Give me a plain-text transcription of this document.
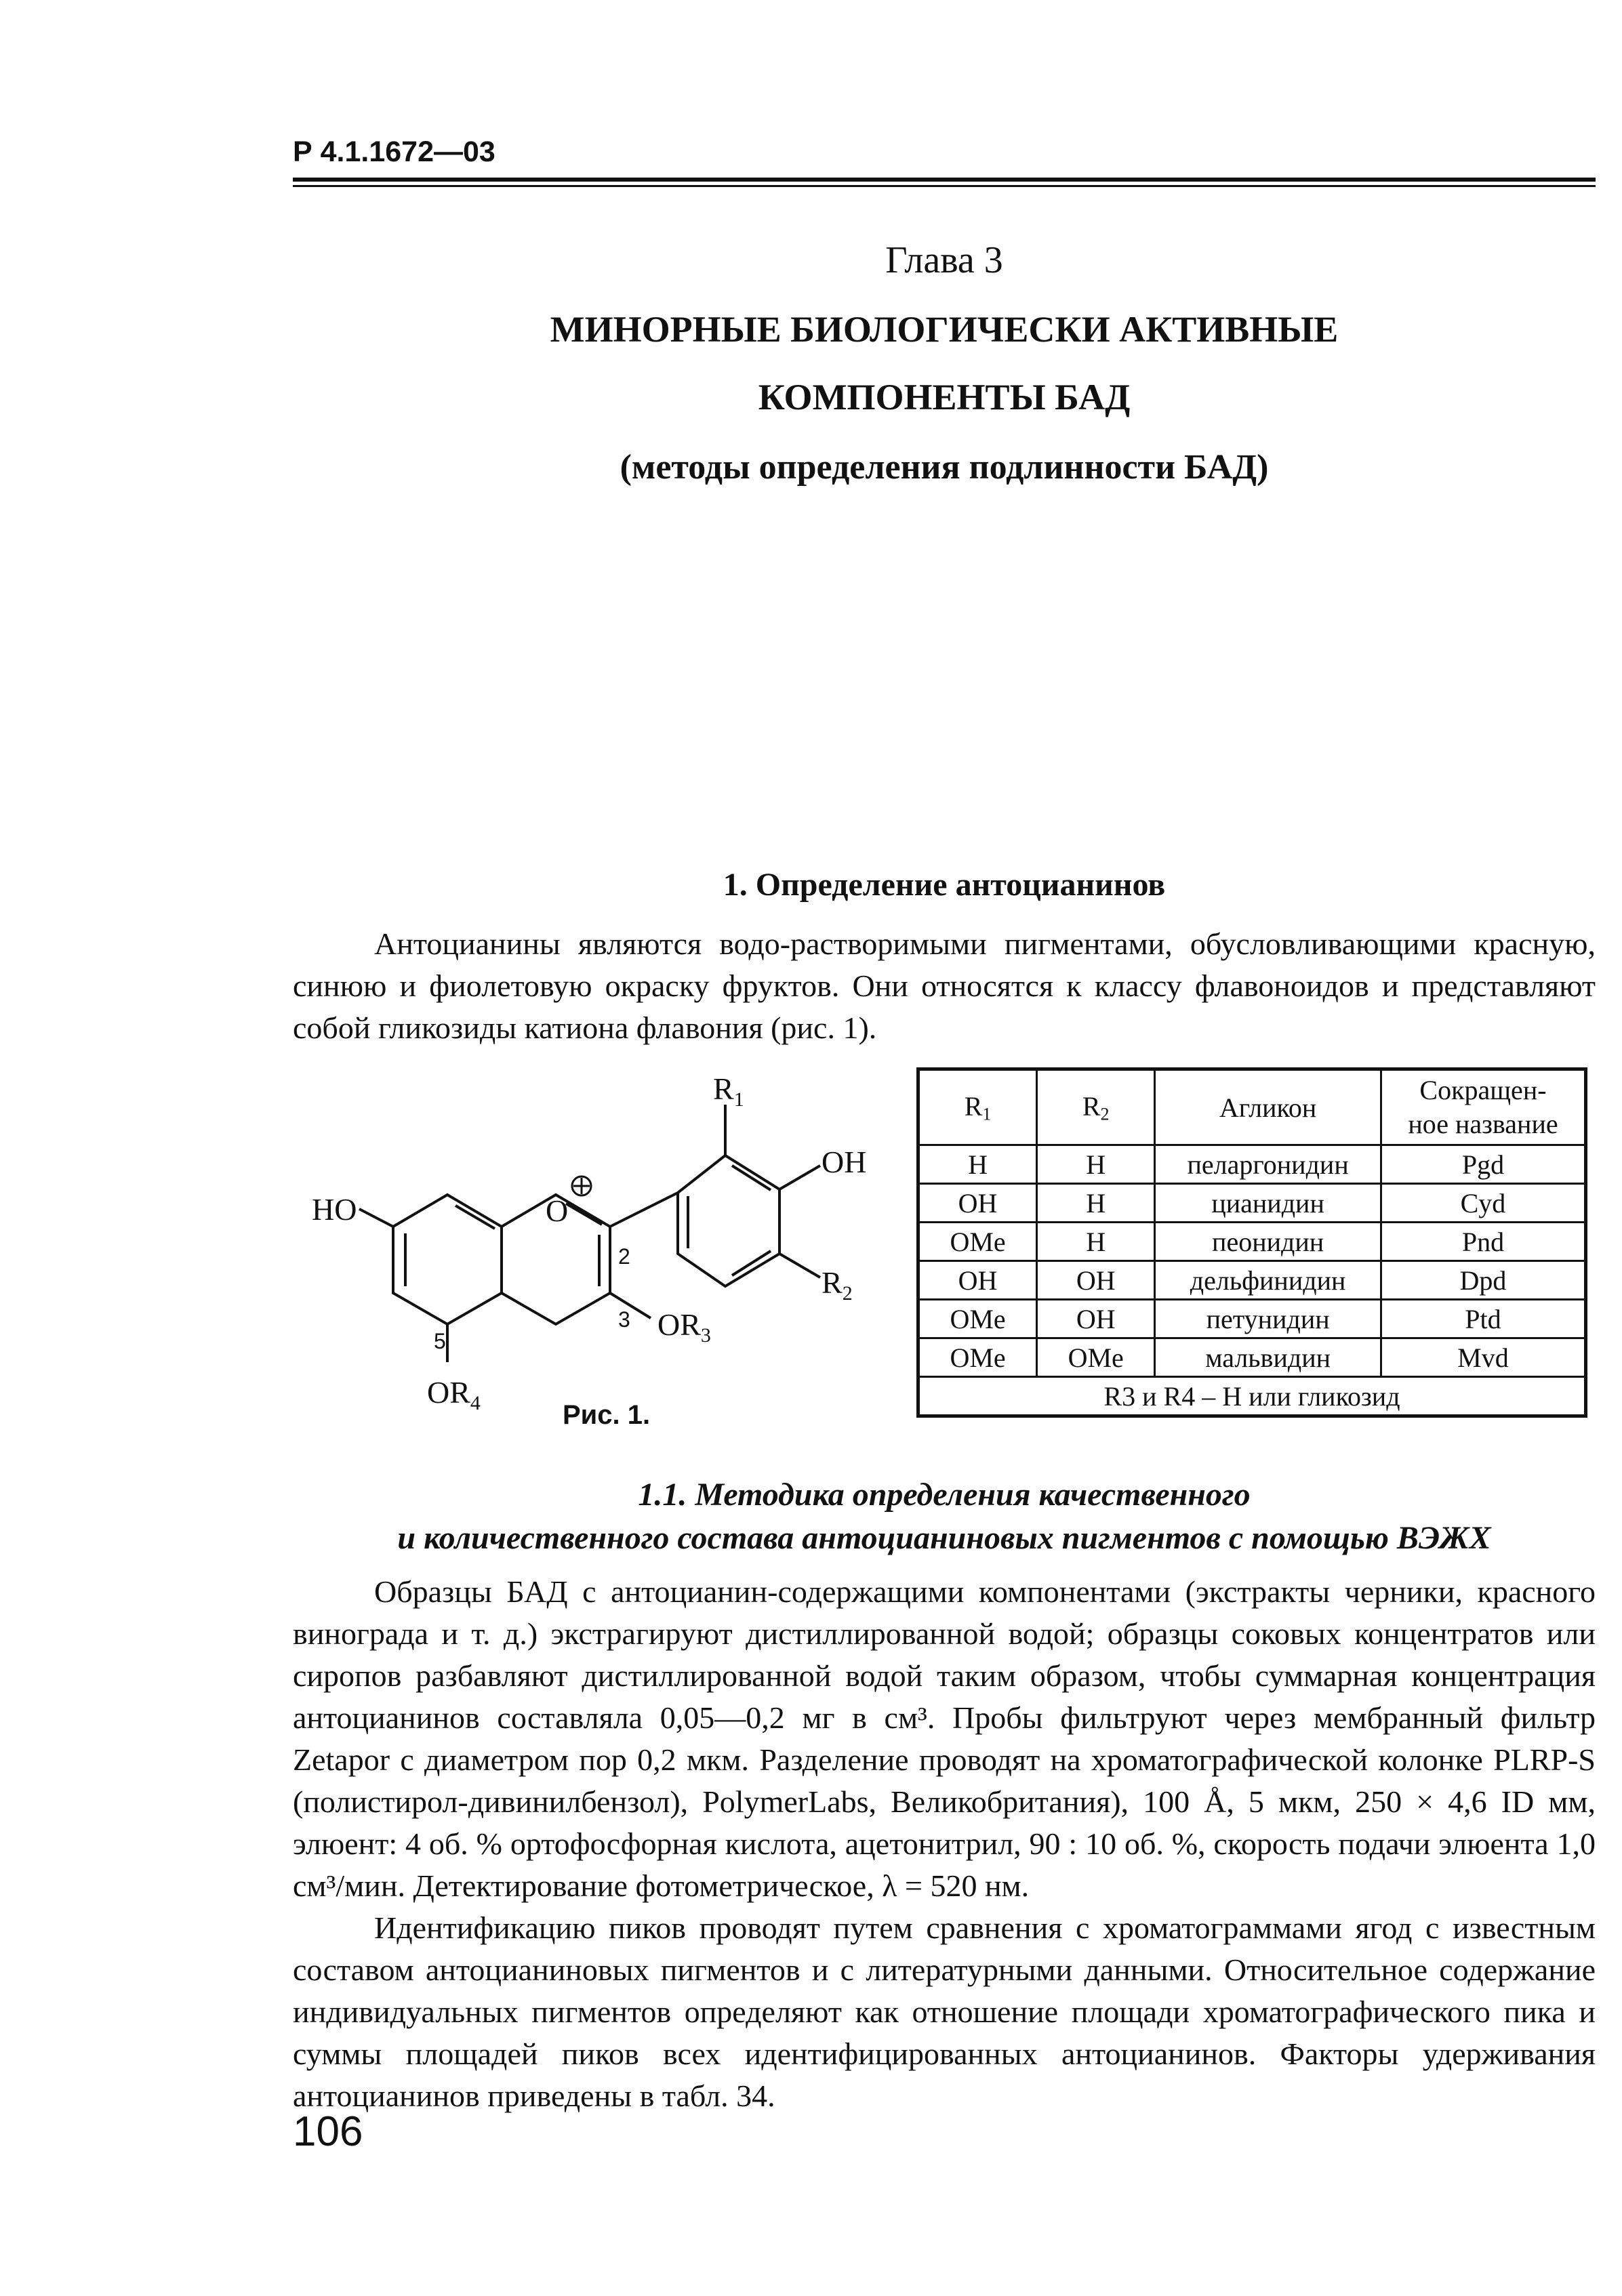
Р 4.1.1672—03
Глава 3
МИНОРНЫЕ БИОЛОГИЧЕСКИ АКТИВНЫЕ
КОМПОНЕНТЫ БАД
(методы определения подлинности БАД)
1. Определение антоцианинов

Антоцианины являются водо-растворимыми пигментами, обусловливающими красную, синюю и фиолетовую окраску фруктов. Они относятся к классу флавоноидов и представляют собой гликозиды катиона флавония (рис. 1).

$R_1$
OH
HO	O
$R_2$
$OR_3$
$OR_4$
2
3
5
Рис. 1.
$R_1$	$R_2$	Агликон	Сокращен-
ное название
H	H	пеларгонидин	Pgd
OH	H	цианидин	Cyd
OMe	H	пеонидин	Pnd
OH	OH	дельфинидин	Dpd
OMe	OH	петунидин	Ptd
OMe	OMe	мальвидин	Mvd
R3 и R4 – H или гликозид			
1.1. Методика определения качественного
и количественного состава антоцианиновых пигментов с помощью ВЭЖХ

Образцы БАД с антоцианин-содержащими компонентами (экстракты черники, красного винограда и т. д.) экстрагируют дистиллированной водой; образцы соковых концентратов или сиропов разбавляют дистиллированной водой таким образом, чтобы суммарная концентрация антоцианинов составляла 0,05—0,2 мг в см³. Пробы фильтруют через мембранный фильтр Zetapor с диаметром пор 0,2 мкм. Разделение проводят на хроматографической колонке PLRP-S (полистирол-дивинилбензол), PolymerLabs, Великобритания), 100 Å, 5 мкм, 250 × 4,6 ID мм, элюент: 4 об. % ортофосфорная кислота, ацетонитрил, 90 : 10 об. %, скорость подачи элюента 1,0 см³/мин. Детектирование фотометрическое, λ = 520 нм.

Идентификацию пиков проводят путем сравнения с хроматограммами ягод с известным составом антоцианиновых пигментов и с литературными данными. Относительное содержание индивидуальных пигментов определяют как отношение площади хроматографического пика и суммы площадей пиков всех идентифицированных антоцианинов. Факторы удерживания антоцианинов приведены в табл. 34.

106
